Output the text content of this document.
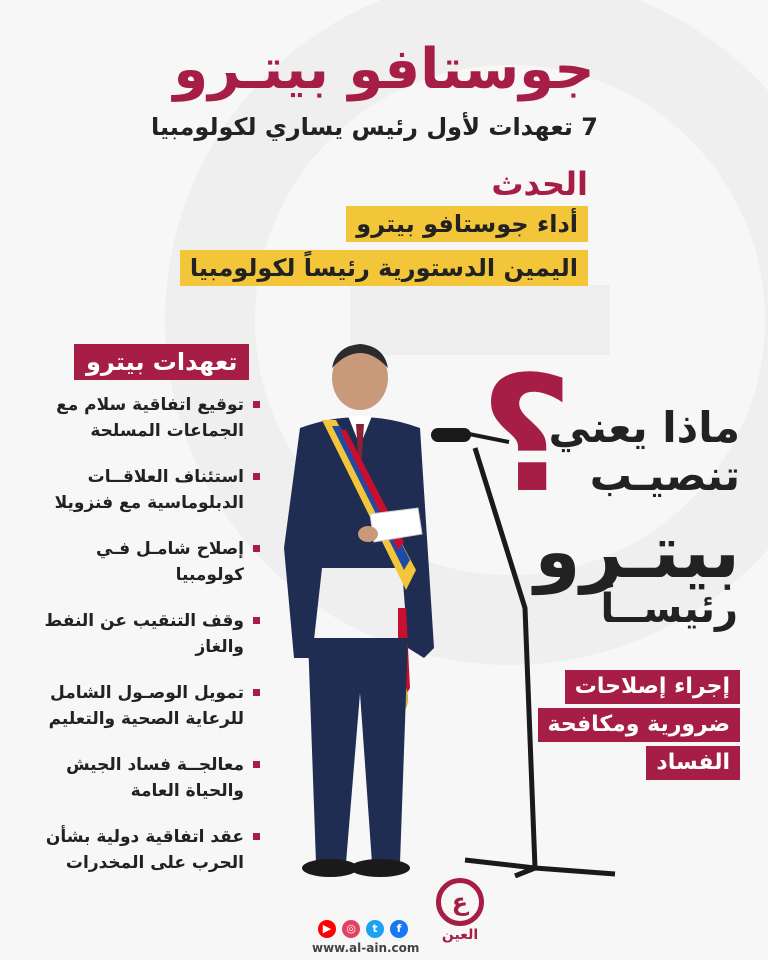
جوستافو بيتـرو
7 تعهدات لأول رئيس يساري لكولومبيا
الحدث
أداء جوستافو بيترو
اليمين الدستورية رئيساً لكولومبيا
تعهدات بيترو
توقيع اتفاقية سلام مع الجماعات المسلحة
استئناف العلاقــات الدبلوماسية مع فنزويلا
إصلاح شامـل فـي كولومبيا
وقف التنقيب عن النفط والغاز
تمويل الوصـول الشامل للرعاية الصحية والتعليم
معالجــة فساد الجيش والحياة العامة
عقد اتفاقية دولية بشأن الحرب على المخدرات
؟
ماذا يعني
تنصيـب
بيتـرو
رئيســاً
إجراء إصلاحات
ضرورية ومكافحة
الفساد
▶	◎	t	f
www.al-ain.com
ع
العين
